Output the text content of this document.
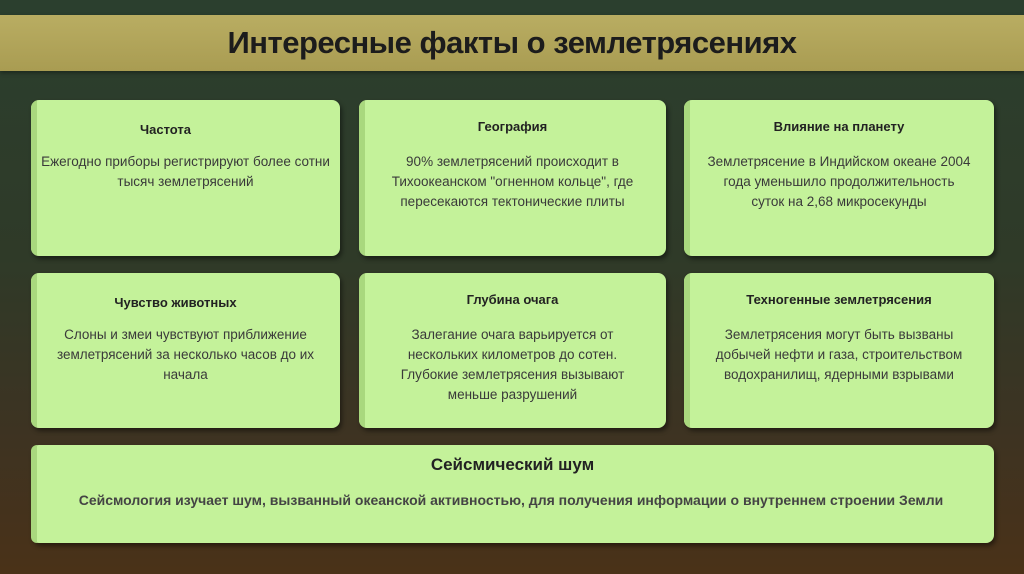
Интересные факты о землетрясениях
Частота
Ежегодно приборы регистрируют более сотни тысяч землетрясений
География
90% землетрясений происходит в Тихоокеанском "огненном кольце", где пересекаются тектонические плиты
Влияние на планету
Землетрясение в Индийском океане 2004 года уменьшило продолжительность суток на 2,68 микросекунды
Чувство животных
Слоны и змеи чувствуют приближение землетрясений за несколько часов до их начала
Глубина очага
Залегание очага варьируется от нескольких километров до сотен. Глубокие землетрясения вызывают меньше разрушений
Техногенные землетрясения
Землетрясения могут быть вызваны добычей нефти и газа, строительством водохранилищ, ядерными взрывами
Сейсмический шум
Сейсмология изучает шум, вызванный океанской активностью, для получения информации о внутреннем строении Земли
